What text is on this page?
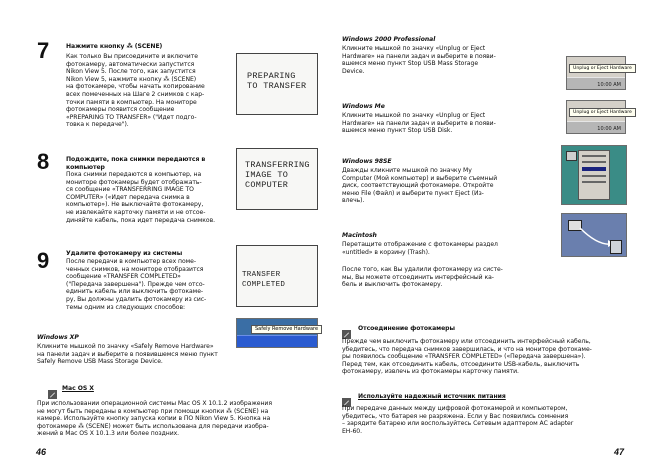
7	Нажмите кнопку ⁂ (SCENE)
Как только Вы присоедините и включите
фотокамеру, автоматически запустится
Nikon View 5. После того, как запустится
Nikon View 5, нажмите кнопку ⁂ (SCENE)
на фотокамере, чтобы начать копирование
всех помеченных на Шаге 2 снимков с кар-
точки памяти в компьютер. На мониторе
фотокамеры появится сообщение
«PREPARING TO TRANSFER» ("Идет подго-
товка к передаче").
PREPARING
TO TRANSFER
8	Подождите, пока снимки передаются в
компьютер
Пока снимки передаются в компьютер, на
мониторе фотокамеры будет отображать-
ся сообщение «TRANSFERRING IMAGE TO
COMPUTER» («Идет передача снимка в
компьютер»). Не выключайте фотокамеру,
не извлекайте карточку памяти и не отсое-
диняйте кабель, пока идет передача снимков.
TRANSFERRING
IMAGE TO
COMPUTER
9	Удалите фотокамеру из системы
После передачи в компьютер всех поме-
ченных снимков, на мониторе отобразится
сообщение «TRANSFER COMPLETED»
("Передача завершена"). Прежде чем отсо-
единить кабель или выключить фотокаме-
ру, Вы должны удалить фотокамеру из сис-
темы одним из следующих способов:
TRANSFER COMPLETED
Safely Remove Hardware
Windows XP
Кликните мышкой по значку «Safely Remove Hardware»
на панели задач и выберите в появившемся меню пункт
Safely Remove USB Mass Storage Device.
Mac OS X
При использовании операционной системы Mac OS X 10.1.2 изображения
не могут быть переданы в компьютер при помощи кнопки ⁂ (SCENE) на
камере. Используйте кнопку запуска копии в ПО Nikon View 5. Кнопка на
фотокамере ⁂ (SCENE) может быть использована для передачи изобра-
жений в Mac OS X 10.1.3 или более поздних.
46
Windows 2000 Professional
Кликните мышкой по значку «Unplug or Eject
Hardware» на панели задач и выберите в появи-
вшемся меню пункт Stop USB Mass Storage
Device.	Unplug or Eject Hardware
10:00 AM
Windows Me
Кликните мышкой по значку «Unplug or Eject
Hardware» на панели задач и выберите в появи-
вшемся меню пункт Stop USB Disk.
Unplug or Eject Hardware
10:00 AM
Windows 98SE
Дважды кликните мышкой по значку My
Computer (Мой компьютер) и выберите съемный
диск, соответствующий фотокамере. Откройте
меню File (Файл) и выберите пункт Eject (Из-
влечь).
Macintosh
Перетащите отображение с фотокамеры раздел
«untitled» в корзину (Trash).
После того, как Вы удалили фотокамеру из систе-
мы, Вы можете отсоединить интерфейсный ка-
бель и выключить фотокамеру.
Отсоединение фотокамеры
Прежде чем выключить фотокамеру или отсоединить интерфейсный кабель,
убедитесь, что передача снимков завершилась, и что на мониторе фотокаме-
ры появилось сообщение «TRANSFER COMPLETED» («Передача завершена»).
Перед тем, как отсоединить кабель, отсоедините USB-кабель, выключить
фотокамеру, извлечь из фотокамеры карточку памяти.
Используйте надежный источник питания
При передаче данных между цифровой фотокамерой и компьютером,
убедитесь, что батарея не разряжена. Если у Вас появились сомнения
– зарядите батарею или воспользуйтесь Сетевым адаптером АС adapter
ЕН-60.
47
